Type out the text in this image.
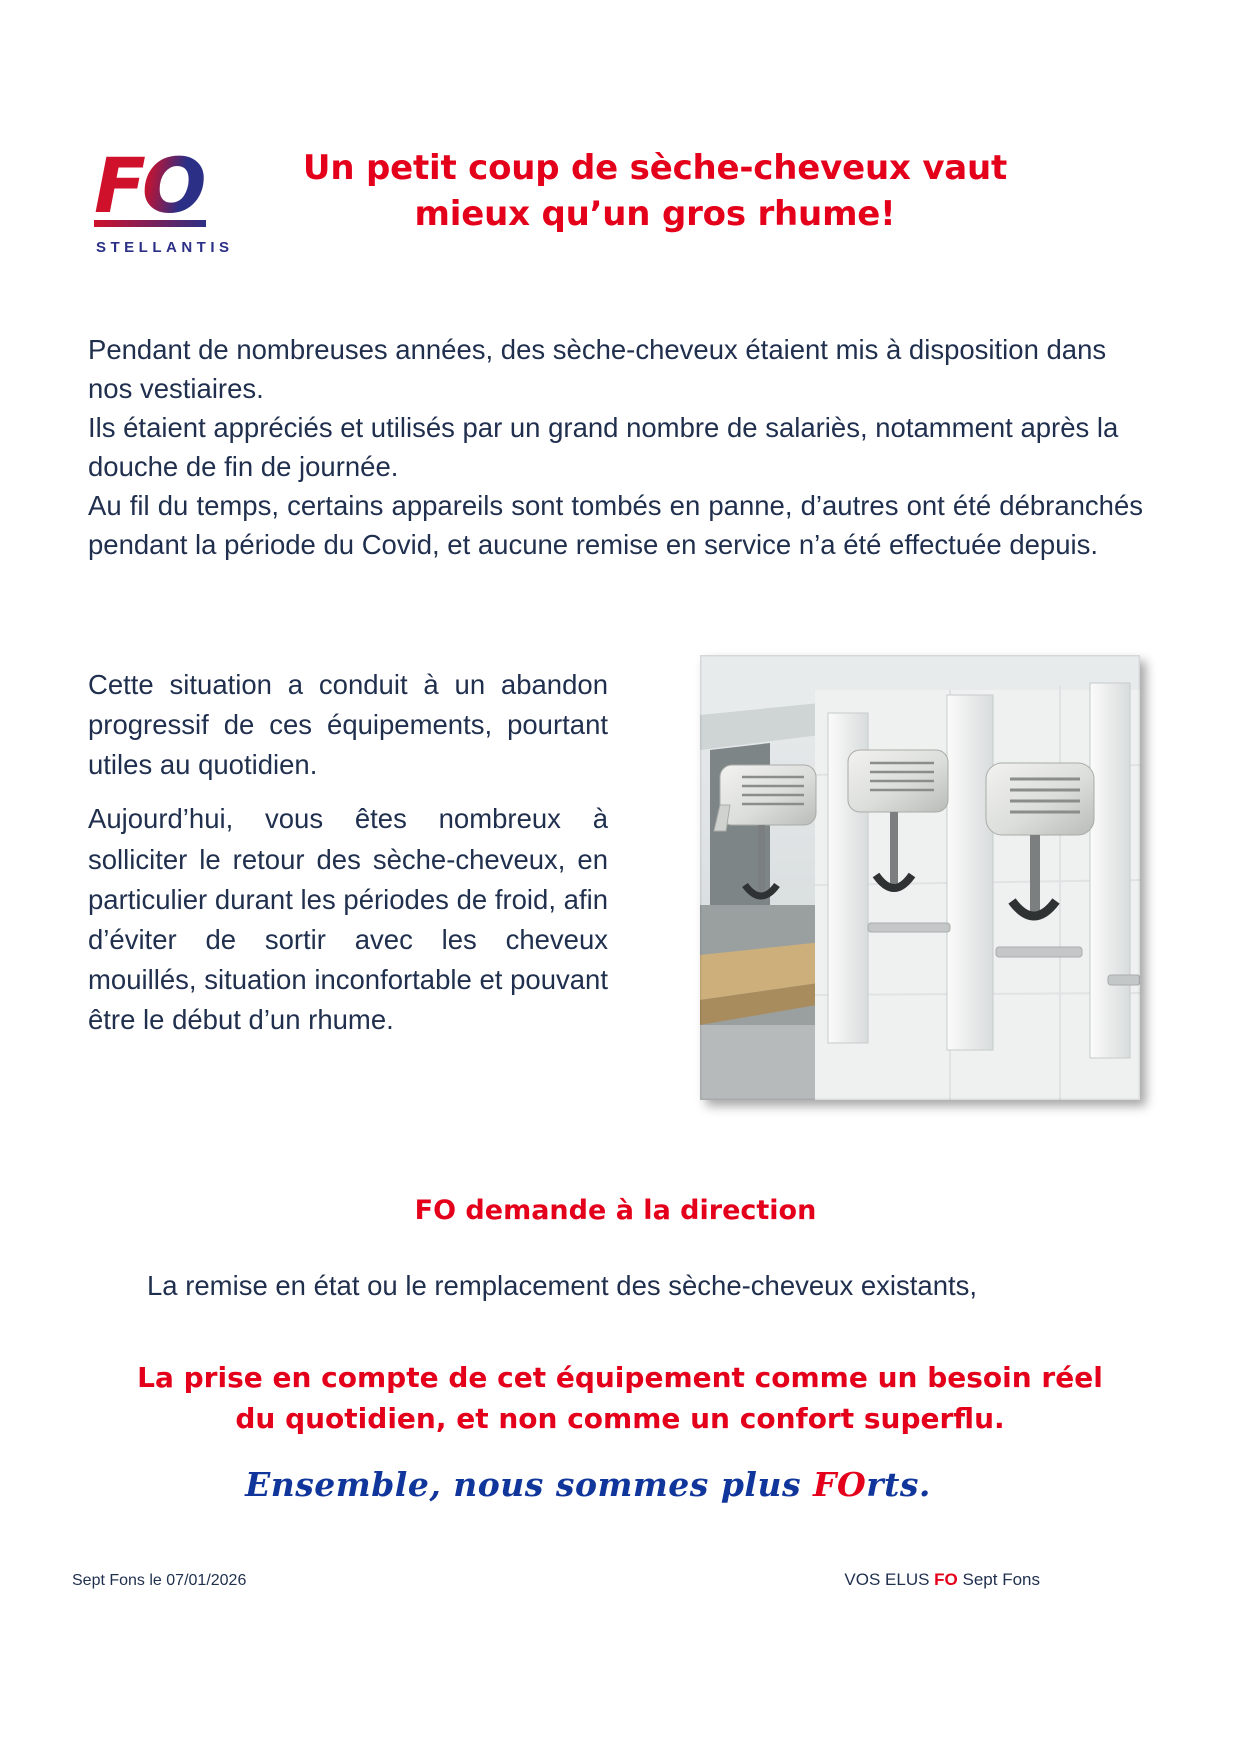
FO
STELLANTIS
Un petit coup de sèche-cheveux vaut
mieux qu’un gros rhume!

Pendant de nombreuses années, des sèche-cheveux étaient mis à disposition dans nos vestiaires.

Ils étaient appréciés et utilisés par un grand nombre de salariès, notamment après la douche de fin de journée.

Au fil du temps, certains appareils sont tombés en panne, d’autres ont été débranchés pendant la période du Covid, et aucune remise en service n’a été effectuée depuis.

Cette situation a conduit à un abandon progressif de ces équipements, pourtant utiles au quotidien.

Aujourd’hui, vous êtes nombreux à solliciter le retour des sèche-cheveux, en particulier durant les périodes de froid, afin d’éviter de sortir avec les cheveux mouillés, situation inconfortable et pouvant être le début d’un rhume.

FO demande à la direction

La remise en état ou le remplacement des sèche-cheveux existants,

La prise en compte de cet équipement comme un besoin réel
du quotidien, et non comme un confort superflu.
Ensemble, nous sommes plus FOrts.
Sept Fons le 07/01/2026	VOS ELUS FO Sept Fons
